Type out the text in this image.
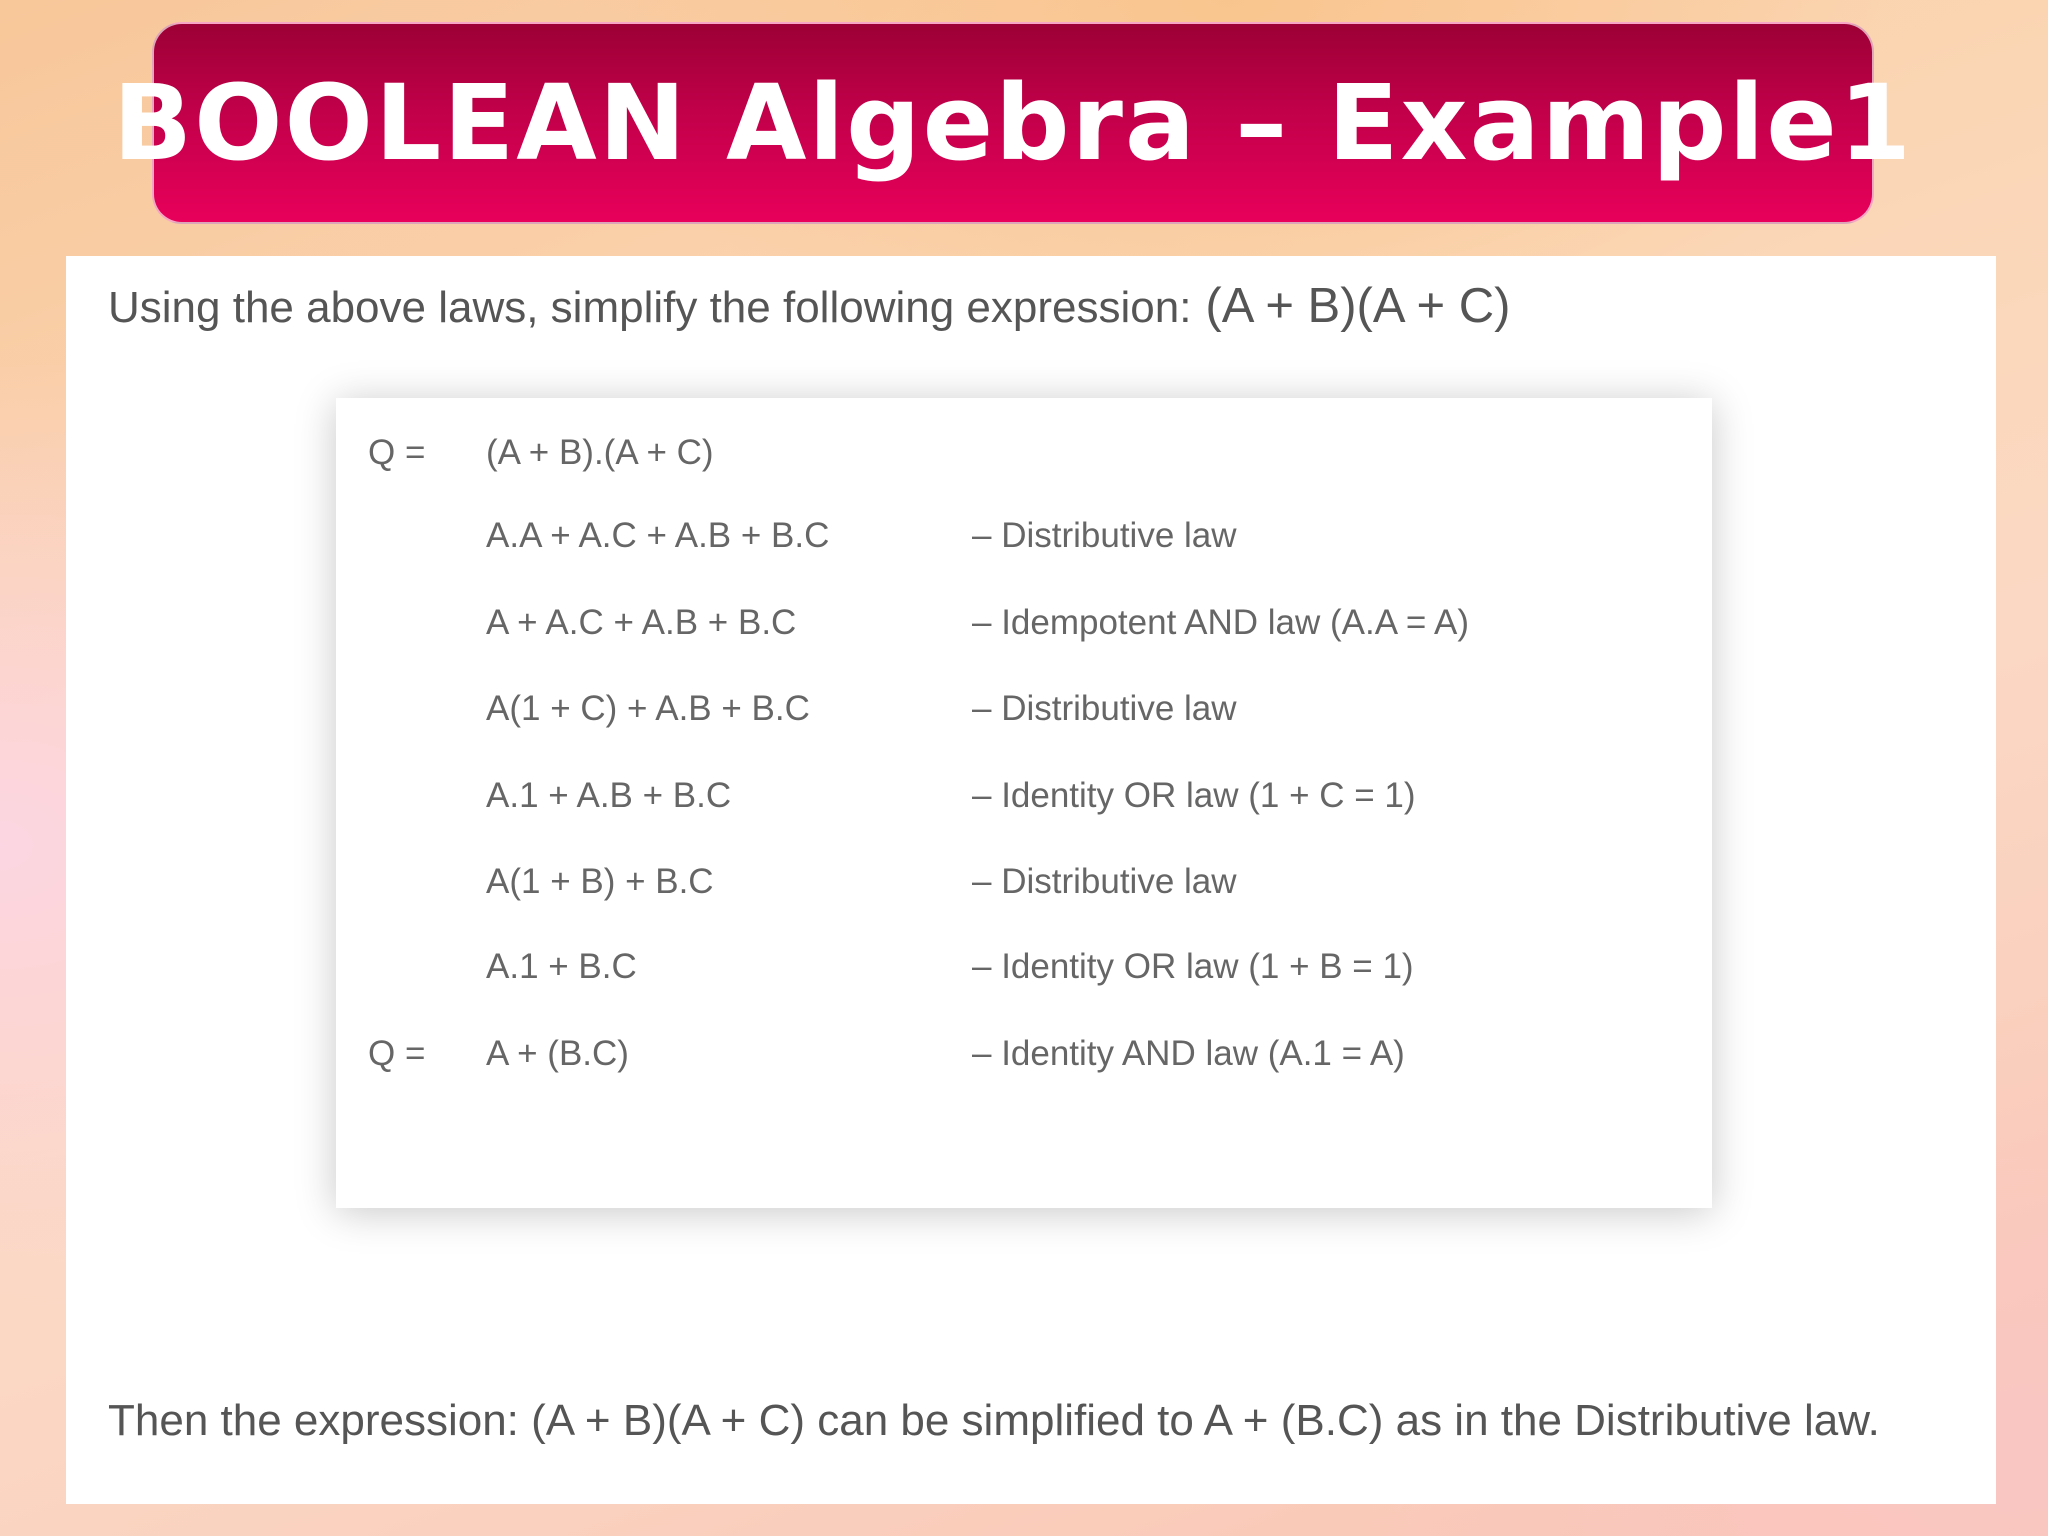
BOOLEAN Algebra – Example1
Using the above laws, simplify the following expression: (A + B)(A + C)
Q = (A + B).(A + C)
A.A + A.C + A.B + B.C	– Distributive law
A + A.C + A.B + B.C	– Idempotent AND law (A.A = A)
A(1 + C) + A.B + B.C	– Distributive law
A.1 + A.B + B.C	– Identity OR law (1 + C = 1)
A(1 + B) + B.C	– Distributive law
A.1 + B.C	– Identity OR law (1 + B = 1)
Q = A + (B.C)	– Identity AND law (A.1 = A)
Then the expression: (A + B)(A + C) can be simplified to A + (B.C) as in the Distributive law.
